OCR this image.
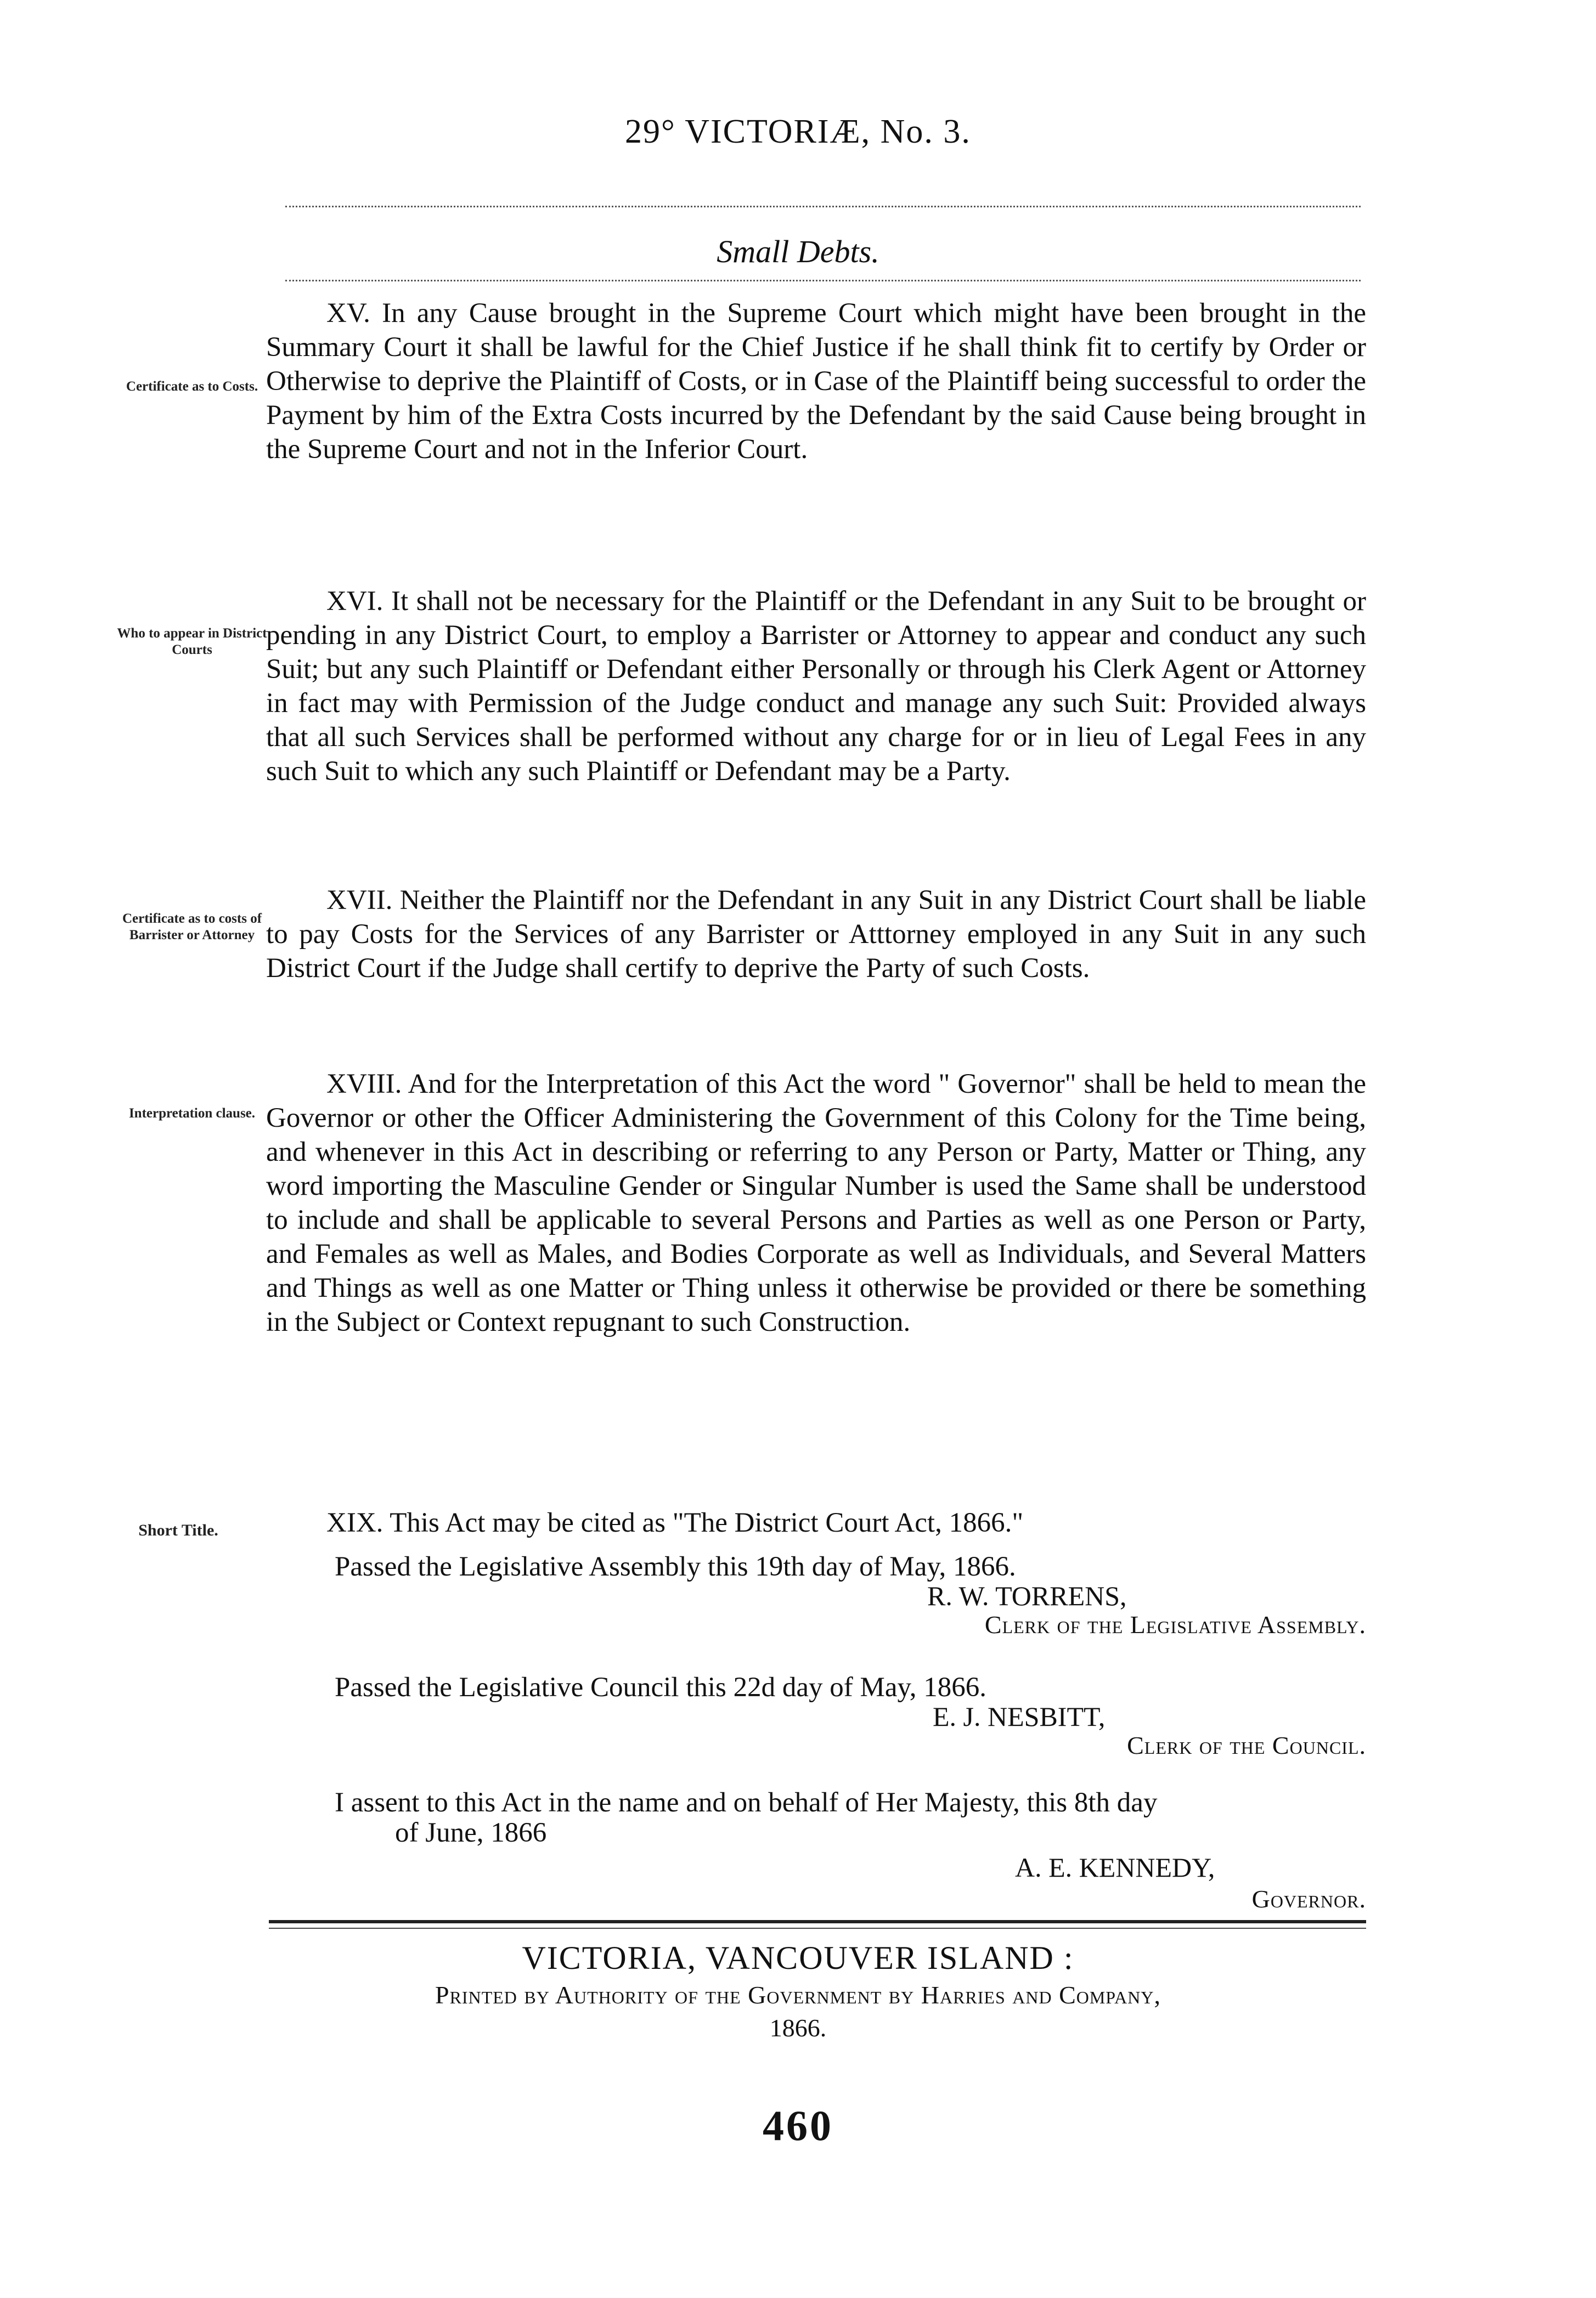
29° VICTORIÆ, No. 3.
Small Debts.
Certificate as to Costs.
XV. In any Cause brought in the Supreme Court which might have been brought in the Summary Court it shall be lawful for the Chief Justice if he shall think fit to certify by Order or Otherwise to deprive the Plaintiff of Costs, or in Case of the Plaintiff being successful to order the Payment by him of the Extra Costs incurred by the Defendant by the said Cause being brought in the Supreme Court and not in the Inferior Court.
Who to appear in District Courts
XVI. It shall not be necessary for the Plaintiff or the Defendant in any Suit to be brought or pending in any District Court, to employ a Barrister or Attorney to appear and conduct any such Suit; but any such Plaintiff or Defendant either Personally or through his Clerk Agent or Attorney in fact may with Permission of the Judge conduct and manage any such Suit: Provided always that all such Services shall be performed without any charge for or in lieu of Legal Fees in any such Suit to which any such Plaintiff or Defendant may be a Party.
Certificate as to costs of Barrister or Attorney
XVII. Neither the Plaintiff nor the Defendant in any Suit in any District Court shall be liable to pay Costs for the Services of any Barrister or Atttorney employed in any Suit in any such District Court if the Judge shall certify to deprive the Party of such Costs.
Interpretation clause.
XVIII. And for the Interpretation of this Act the word " Governor" shall be held to mean the Governor or other the Officer Administering the Government of this Colony for the Time being, and whenever in this Act in describing or referring to any Person or Party, Matter or Thing, any word importing the Masculine Gender or Singular Number is used the Same shall be understood to include and shall be applicable to several Persons and Parties as well as one Person or Party, and Females as well as Males, and Bodies Corporate as well as Individuals, and Several Matters and Things as well as one Matter or Thing unless it otherwise be provided or there be something in the Subject or Context repugnant to such Construction.
Short Title.	XIX. This Act may be cited as "The District Court Act, 1866."
Passed the Legislative Assembly this 19th day of May, 1866.
R. W. TORRENS,
Clerk of the Legislative Assembly.
Passed the Legislative Council this 22d day of May, 1866.
I assent to this Act in the name and on behalf of Her Majesty, this 8th day
E. J. NESBITT,
Clerk of the Council.
of June, 1866
A. E. KENNEDY,
Governor.
VICTORIA, VANCOUVER ISLAND :
Printed by Authority of the Government by Harries and Company,
1866.
460
